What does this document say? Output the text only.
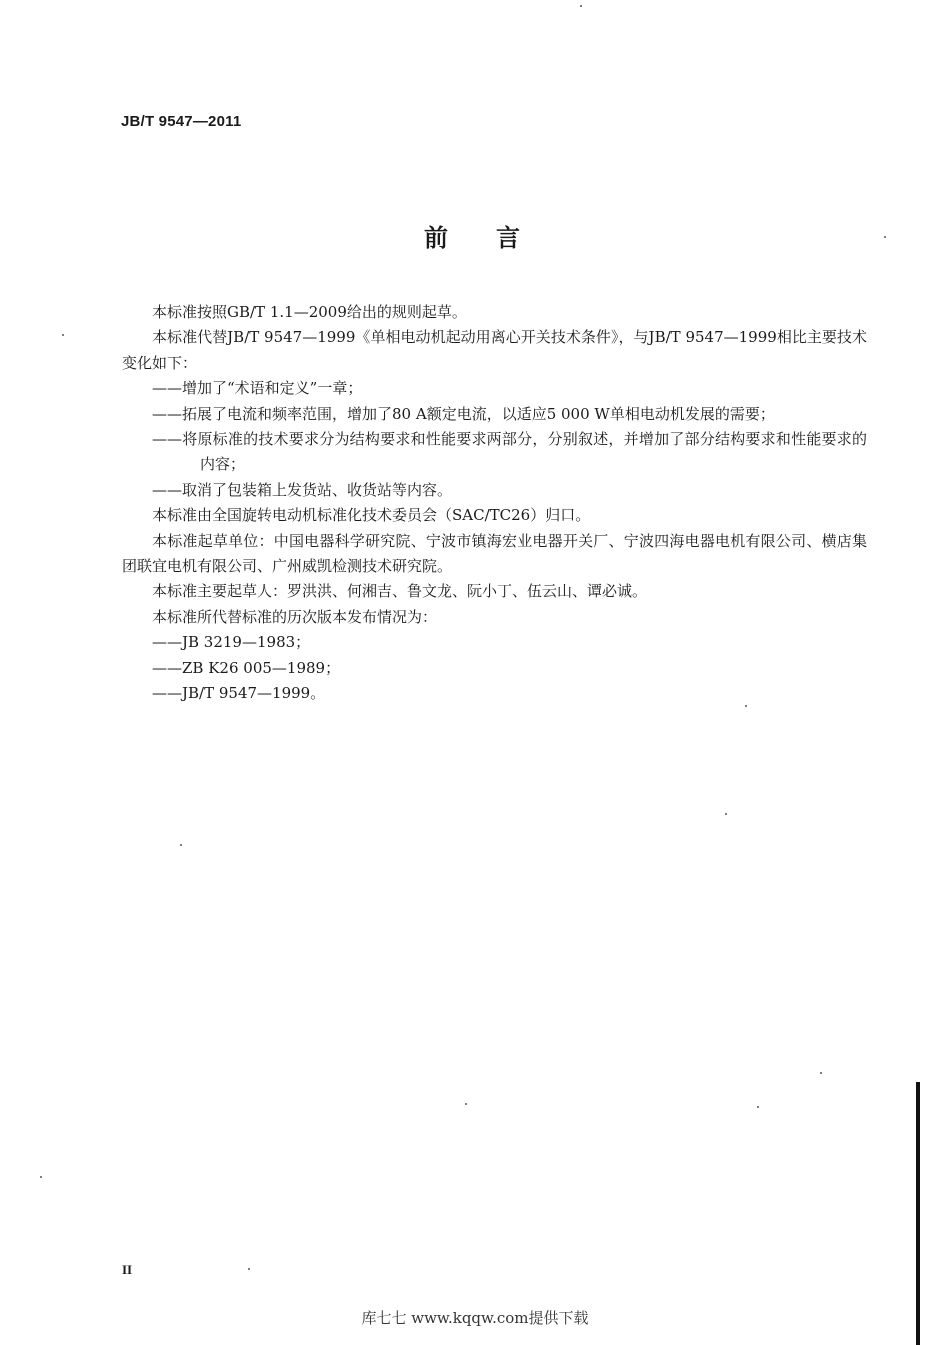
JB/T 9547—2011
前言

本标准按照GB/T 1.1—2009给出的规则起草。

本标准代替JB/T 9547—1999《单相电动机起动用离心开关技术条件》，与JB/T 9547—1999相比主要技术变化如下：

——增加了“术语和定义”一章；

——拓展了电流和频率范围，增加了80 A额定电流，以适应5 000 W单相电动机发展的需要；

——将原标准的技术要求分为结构要求和性能要求两部分，分别叙述，并增加了部分结构要求和性能要求的内容；

——取消了包装箱上发货站、收货站等内容。

本标准由全国旋转电动机标准化技术委员会（SAC/TC26）归口。

本标准起草单位：中国电器科学研究院、宁波市镇海宏业电器开关厂、宁波四海电器电机有限公司、横店集团联宜电机有限公司、广州威凯检测技术研究院。

本标准主要起草人：罗洪洪、何湘吉、鲁文龙、阮小丁、伍云山、谭必诚。

本标准所代替标准的历次版本发布情况为：

——JB 3219—1983；

——ZB K26 005—1989；

——JB/T 9547—1999。

II
库七七 www.kqqw.com提供下载
